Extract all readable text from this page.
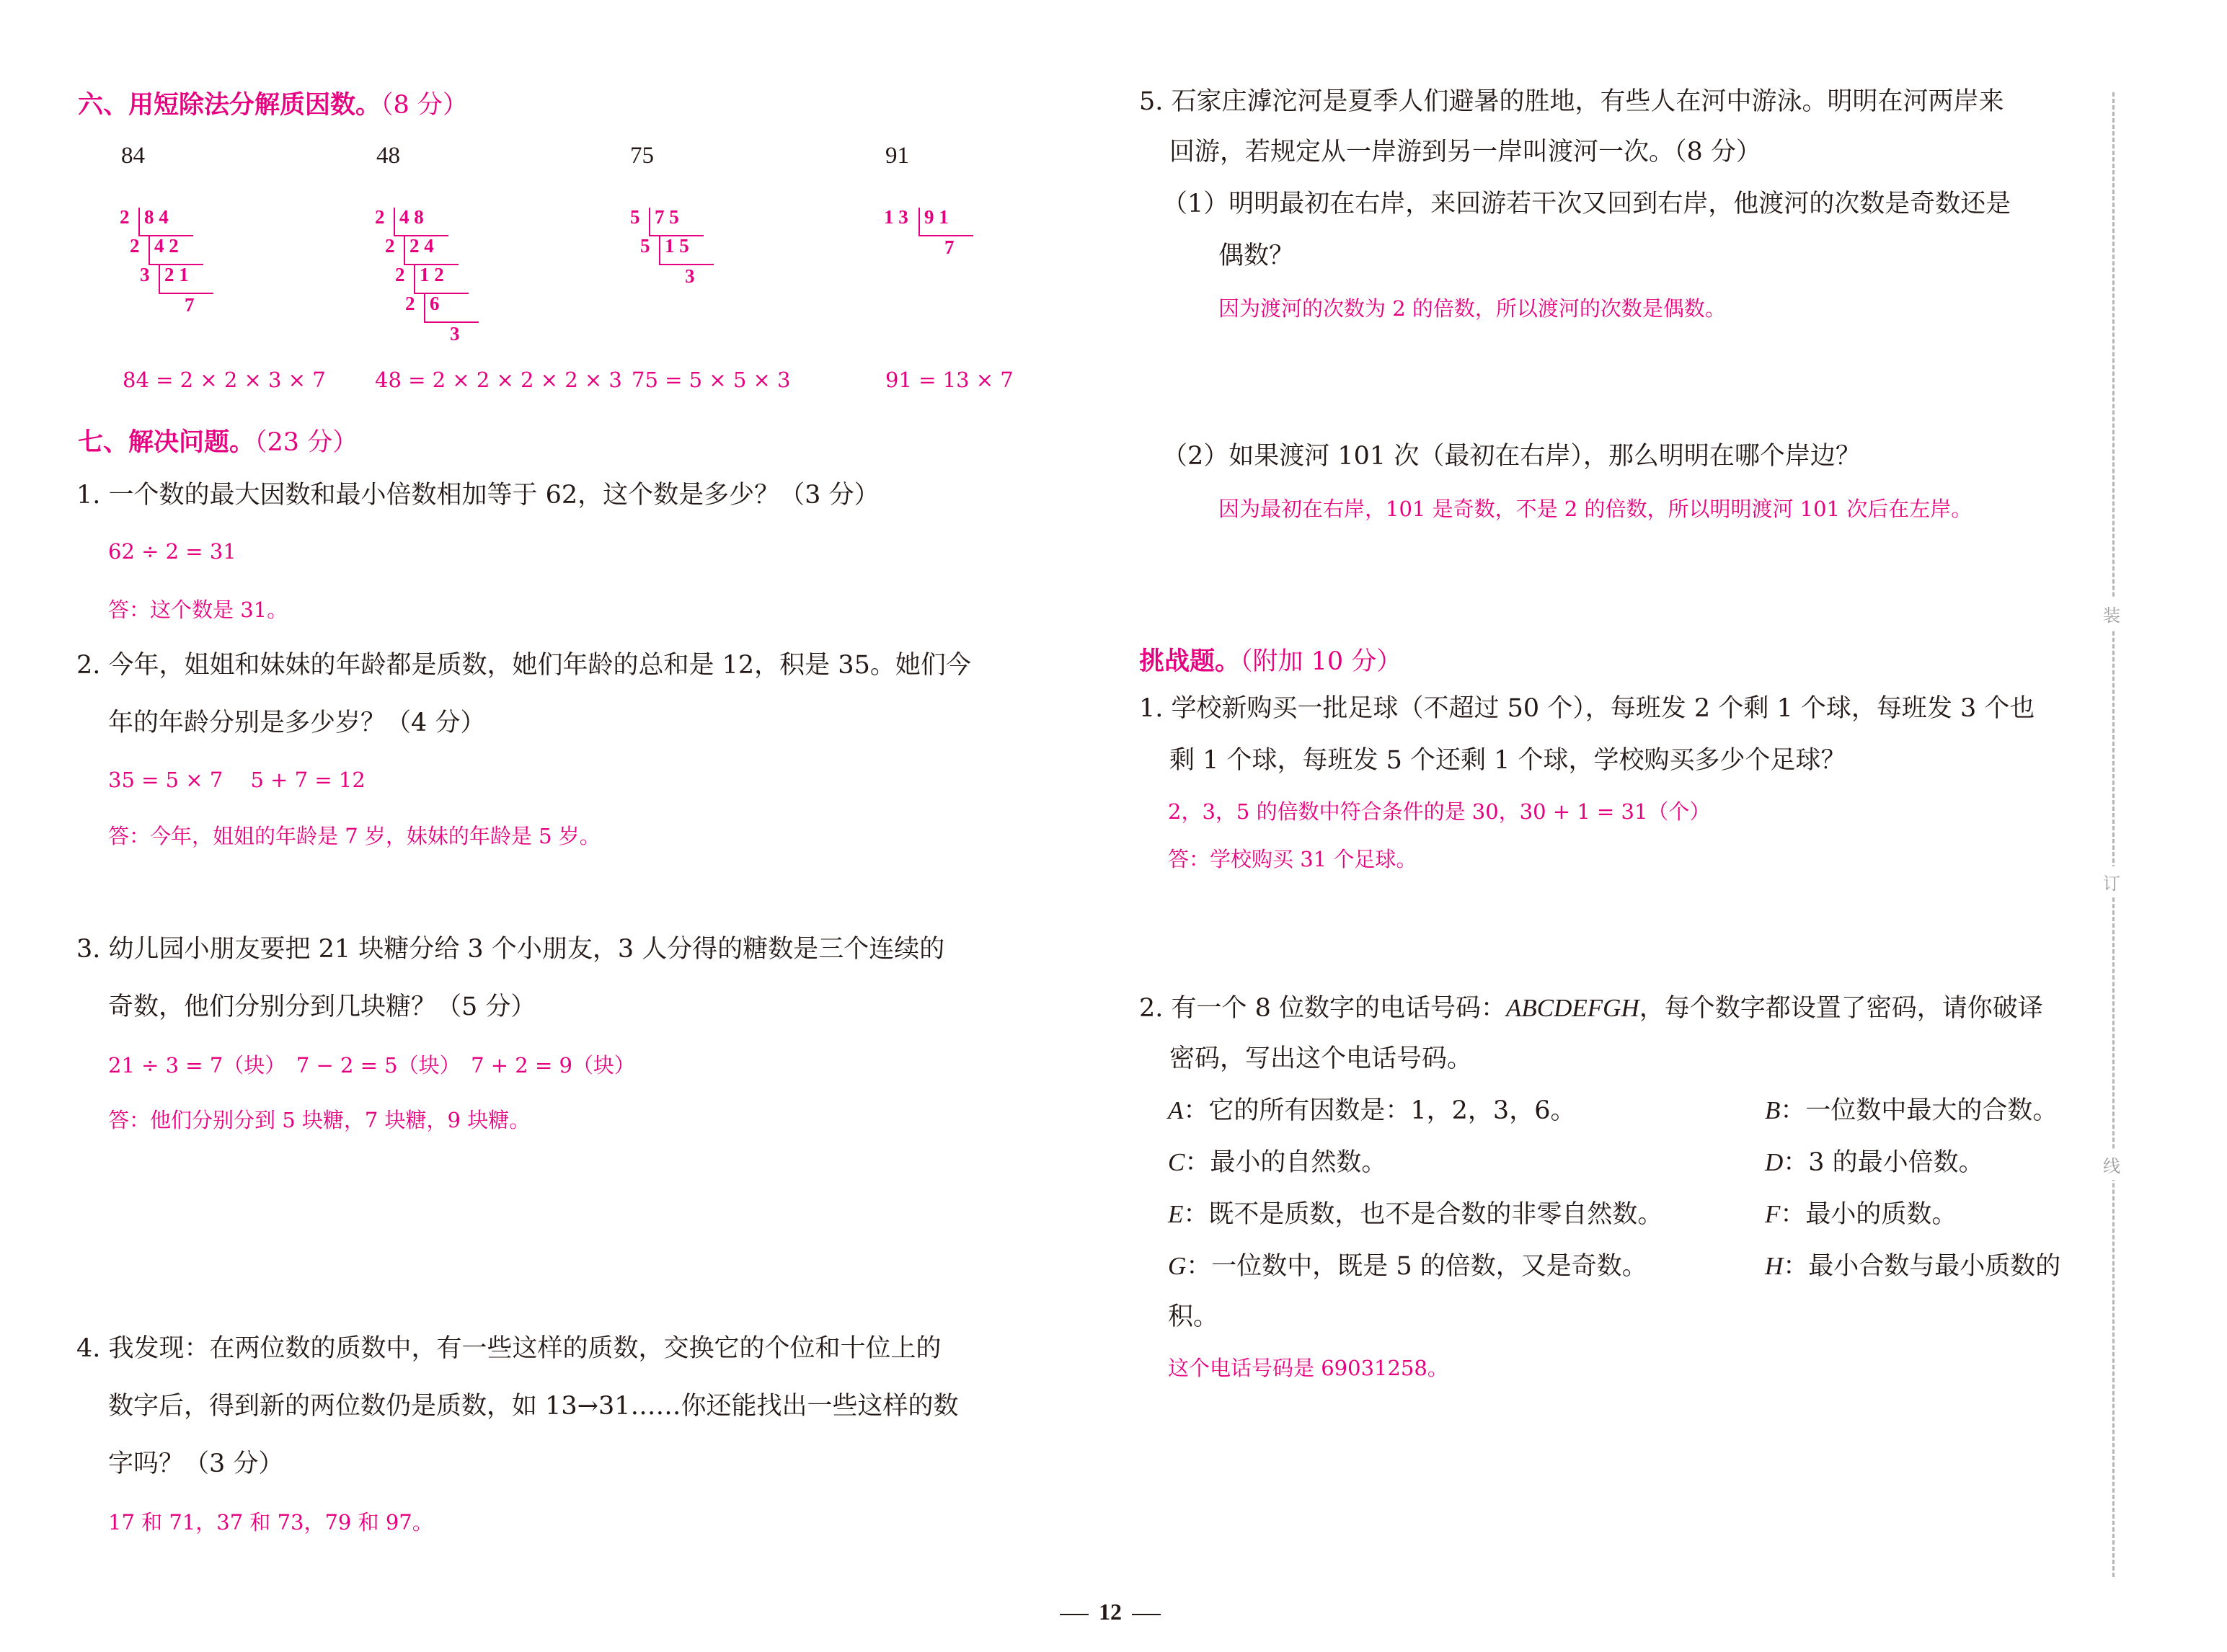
六、用短除法分解质因数。（8 分）
84	48	75	91
2 8 4
2 4 2
3 2 1
7
2 4 8
2 2 4
2 1 2
2 6
3
5 7 5
5 1 5
3
1 3 9 1
7
84 = 2 × 2 × 3 × 7 48 = 2 × 2 × 2 × 2 × 3 75 = 5 × 5 × 3	91 = 13 × 7
七、解决问题。（23 分）
1. 一个数的最大因数和最小倍数相加等于 62，这个数是多少？（3 分）
62 ÷ 2 = 31
答：这个数是 31。
2. 今年，姐姐和妹妹的年龄都是质数，她们年龄的总和是 12，积是 35。她们今
年的年龄分别是多少岁？（4 分）
35 = 5 × 7　 5 + 7 = 12
答：今年，姐姐的年龄是 7 岁，妹妹的年龄是 5 岁。
3. 幼儿园小朋友要把 21 块糖分给 3 个小朋友，3 人分得的糖数是三个连续的
奇数，他们分别分到几块糖？（5 分）
21 ÷ 3 = 7（块）　7 − 2 = 5（块）　7 + 2 = 9（块）
答：他们分别分到 5 块糖，7 块糖，9 块糖。
4. 我发现：在两位数的质数中，有一些这样的质数，交换它的个位和十位上的
数字后，得到新的两位数仍是质数，如 13→31……你还能找出一些这样的数
字吗？（3 分）
17 和 71，37 和 73，79 和 97。
5. 石家庄滹沱河是夏季人们避暑的胜地，有些人在河中游泳。明明在河两岸来
回游，若规定从一岸游到另一岸叫渡河一次。（8 分）
（1）明明最初在右岸，来回游若干次又回到右岸，他渡河的次数是奇数还是
偶数？
因为渡河的次数为 2 的倍数，所以渡河的次数是偶数。
（2）如果渡河 101 次（最初在右岸），那么明明在哪个岸边？
因为最初在右岸，101 是奇数，不是 2 的倍数，所以明明渡河 101 次后在左岸。
挑战题。（附加 10 分）
1. 学校新购买一批足球（不超过 50 个），每班发 2 个剩 1 个球，每班发 3 个也
剩 1 个球，每班发 5 个还剩 1 个球，学校购买多少个足球？
2，3，5 的倍数中符合条件的是 30，30 + 1 = 31（个）
答：学校购买 31 个足球。
2. 有一个 8 位数字的电话号码：ABCDEFGH，每个数字都设置了密码，请你破译
密码，写出这个电话号码。
A：它的所有因数是：1，2，3，6。	B：一位数中最大的合数。
C：最小的自然数。	D：3 的最小倍数。
E：既不是质数，也不是合数的非零自然数。	F：最小的质数。
G：一位数中，既是 5 的倍数，又是奇数。	H：最小合数与最小质数的
积。
这个电话号码是 69031258。
装
订
线
12
